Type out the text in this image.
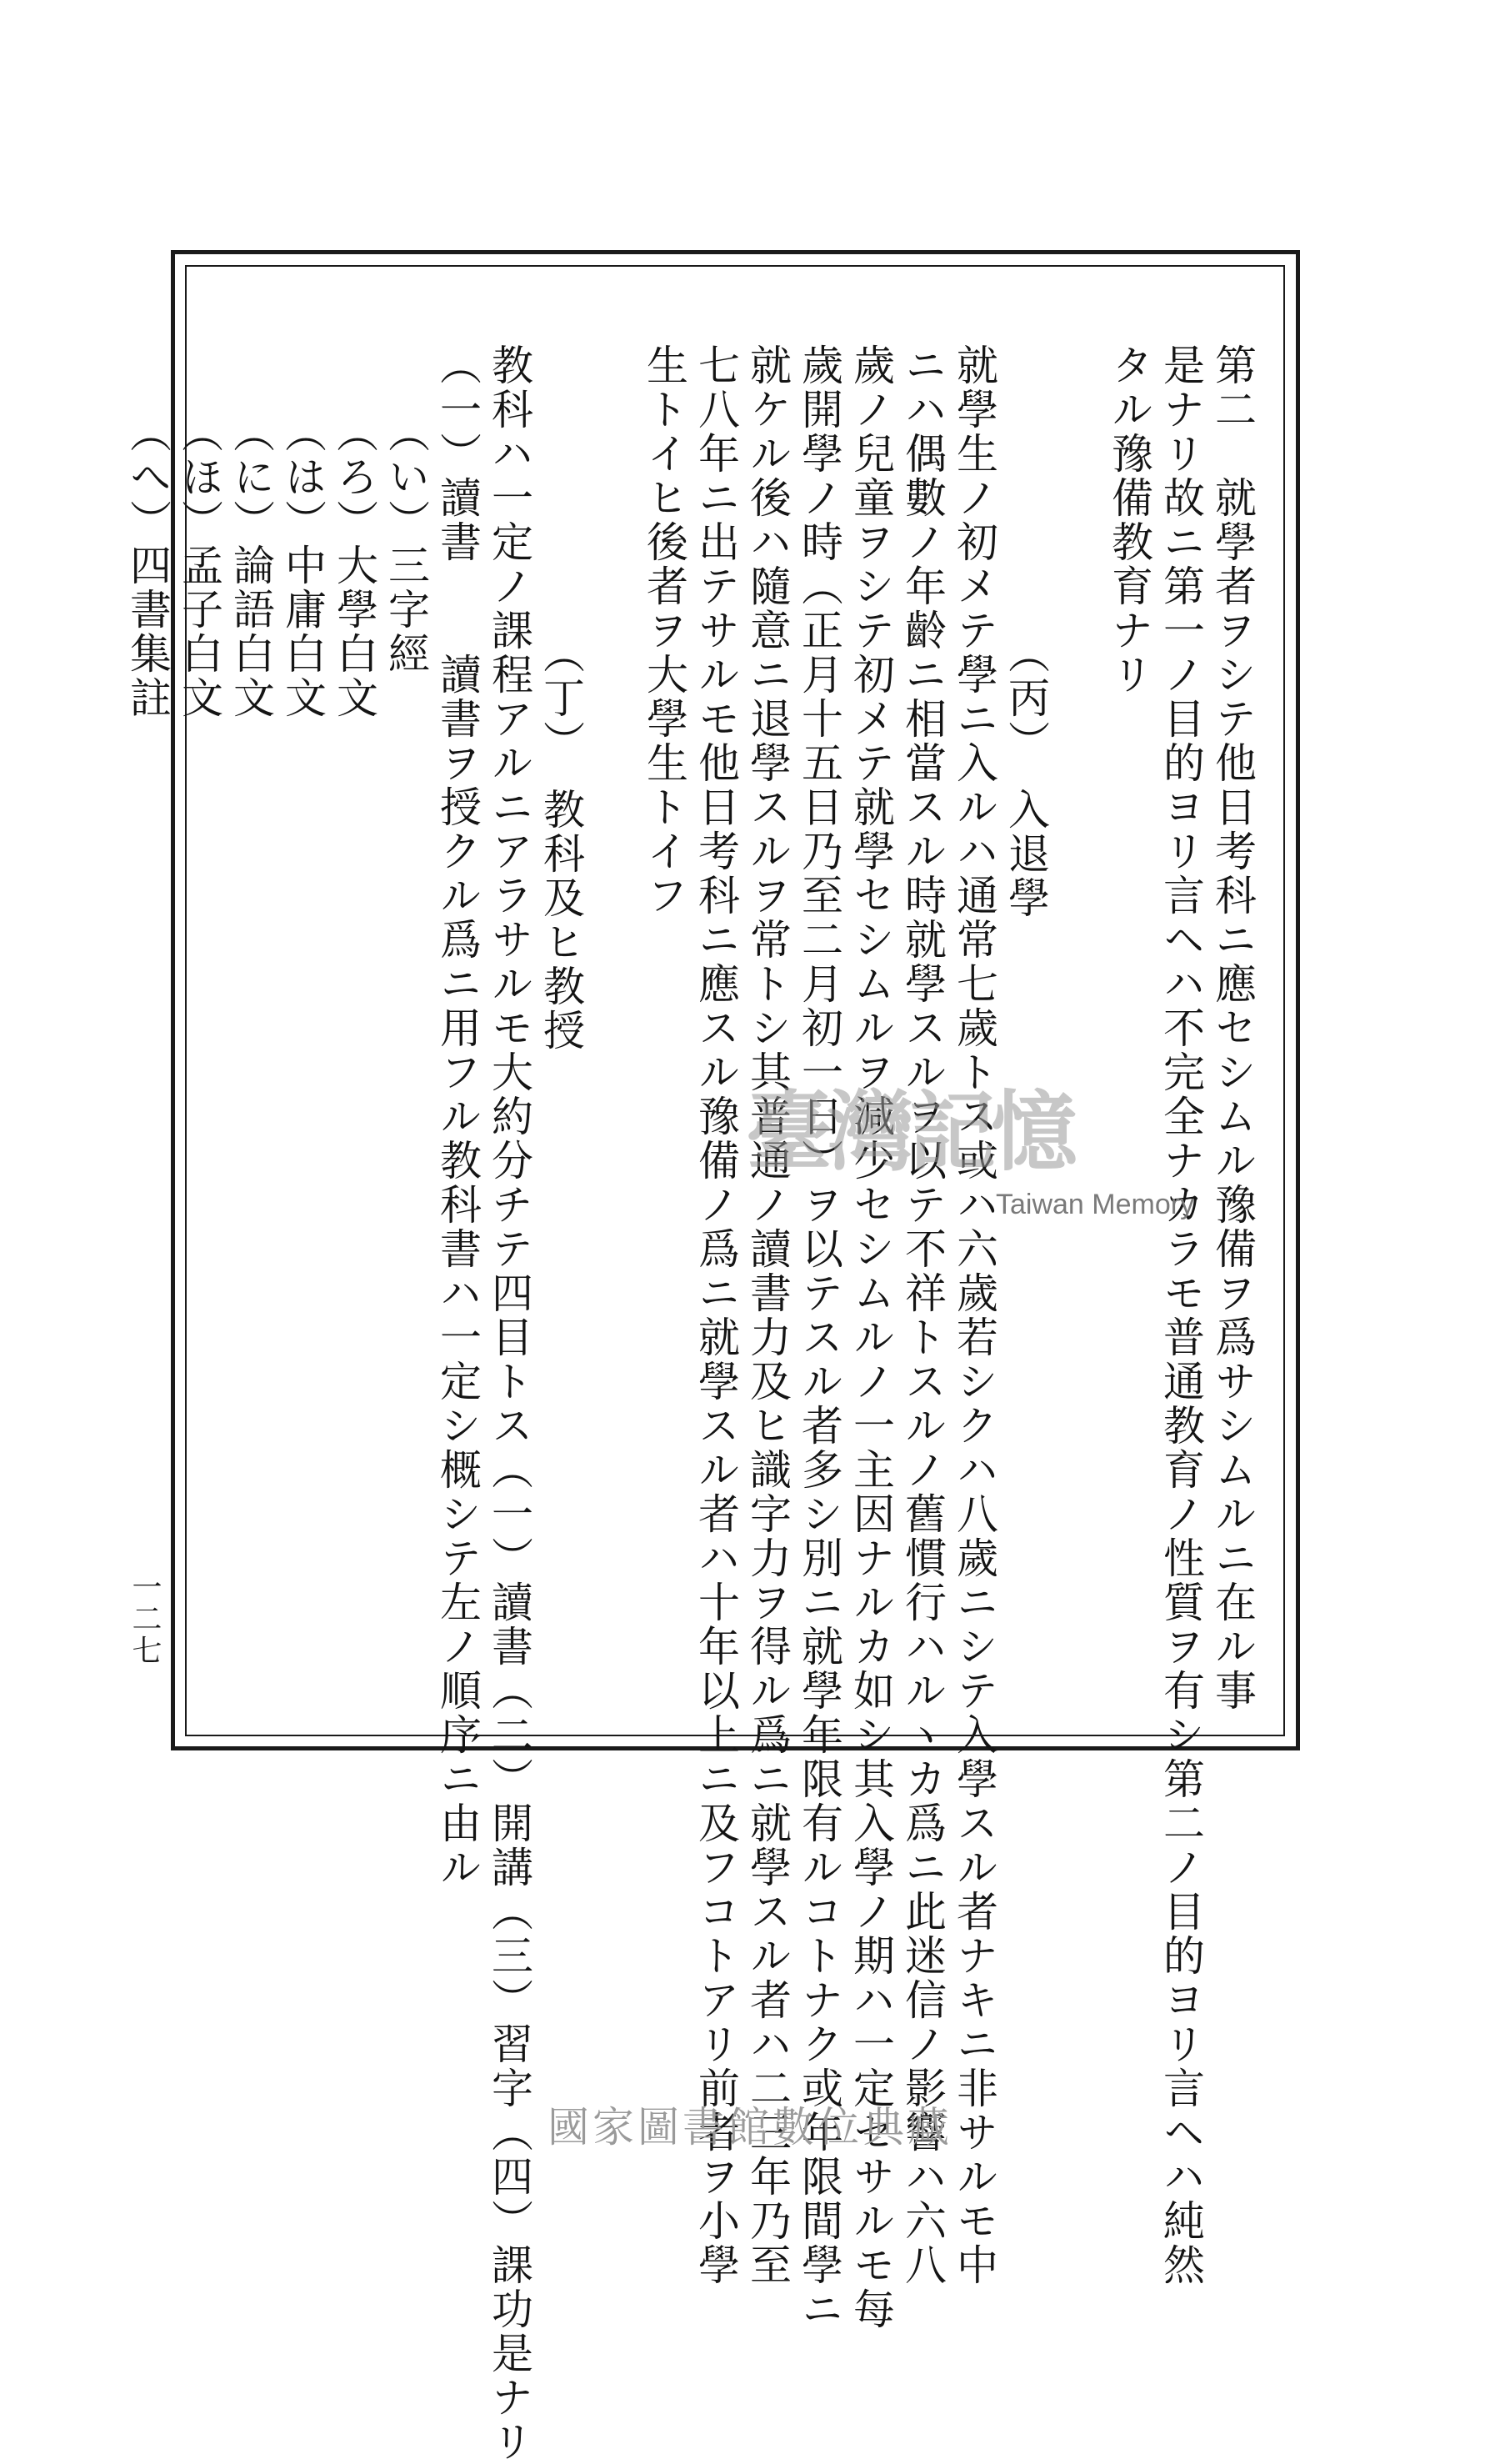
第二　就學者ヲシテ他日考科ニ應セシムル豫備ヲ爲サシムルニ在ル事
是ナリ故ニ第一ノ目的ヨリ言ヘハ不完全ナカラモ普通教育ノ性質ヲ有シ第二ノ目的ヨリ言ヘハ純然
タル豫備教育ナリ
　　　　　　　（丙）　入退學
就學生ノ初メテ學ニ入ルハ通常七歲トス或ハ六歲若シクハ八歲ニシテ入學スル者ナキニ非サルモ中
ニハ偶數ノ年齡ニ相當スル時就學スルヲ以テ不祥トスルノ舊慣行ハルヽカ爲ニ此迷信ノ影響ハ六八
歲ノ兒童ヲシテ初メテ就學セシムルヲ減少セシムルノ一主因ナルカ如シ其入學ノ期ハ一定セサルモ每
歲開學ノ時（正月十五日乃至二月初一日）ヲ以テスル者多シ別ニ就學年限有ルコトナク或年限間學ニ
就ケル後ハ隨意ニ退學スルヲ常トシ其普通ノ讀書力及ヒ識字力ヲ得ル爲ニ就學スル者ハ二三年乃至
七八年ニ出テサルモ他日考科ニ應スル豫備ノ爲ニ就學スル者ハ十年以上ニ及フコトアリ前者ヲ小學
生トイヒ後者ヲ大學生トイフ
　　　　　　　（丁）　教科及ヒ教授
教科ハ一定ノ課程アルニアラサルモ大約分チテ四目トス（一）讀書（二）開講（三）習字（四）課功是ナリ
（一）讀書　　讀書ヲ授クル爲ニ用フル教科書ハ一定シ概シテ左ノ順序ニ由ル
　　（い）三字經
　　（ろ）大學白文
　　（は）中庸白文
　　（に）論語白文
　　（ほ）孟子白文
　　（へ）四書集註
一二七
臺灣記憶
Taiwan Memory
國家圖書館數位典藏
